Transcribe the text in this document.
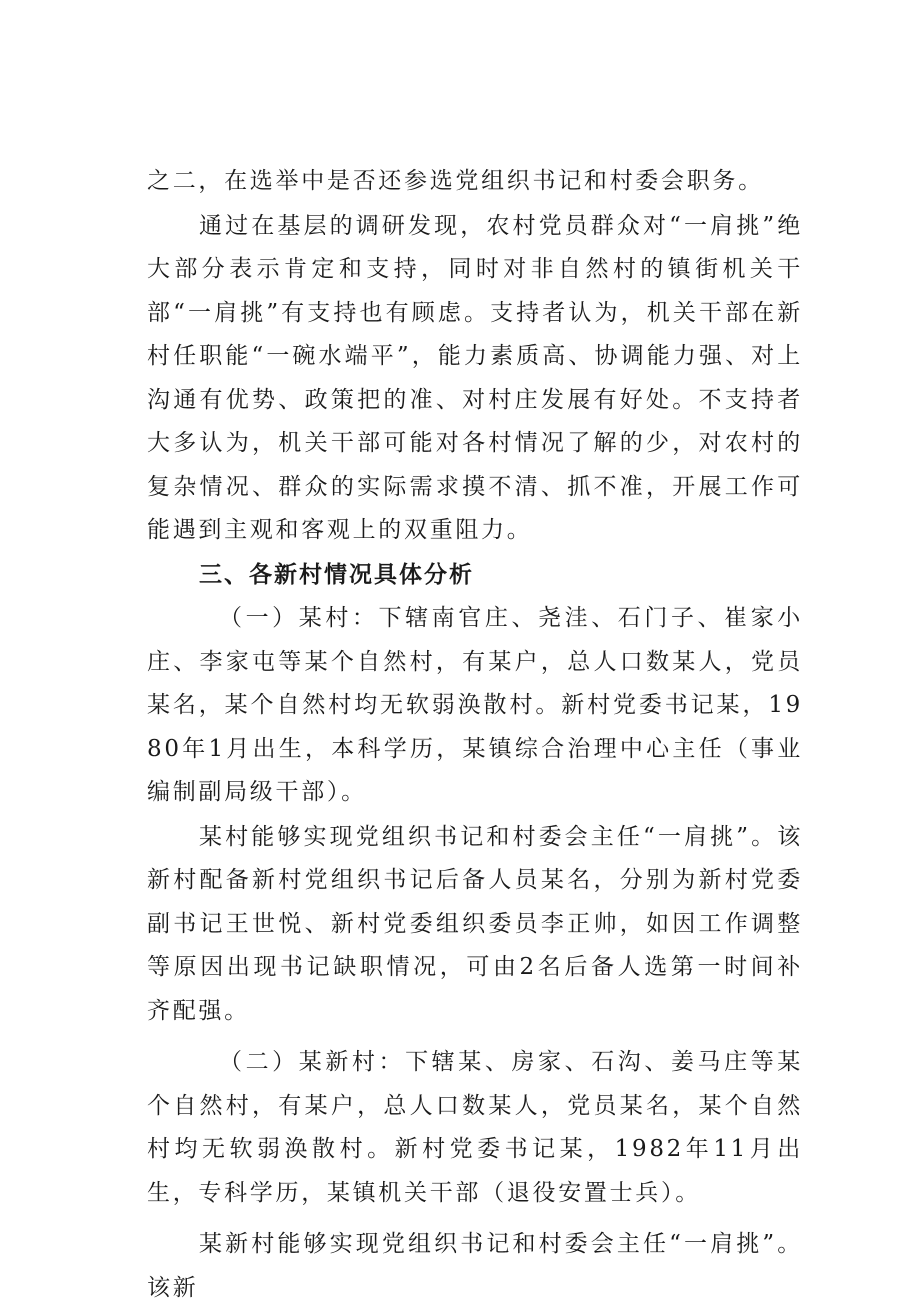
之二，在选举中是否还参选党组织书记和村委会职务。

通过在基层的调研发现，农村党员群众对“一肩挑”绝大部分表示肯定和支持，同时对非自然村的镇街机关干部“一肩挑”有支持也有顾虑。支持者认为，机关干部在新村任职能“一碗水端平”，能力素质高、协调能力强、对上沟通有优势、政策把的准、对村庄发展有好处。不支持者大多认为，机关干部可能对各村情况了解的少，对农村的复杂情况、群众的实际需求摸不清、抓不准，开展工作可能遇到主观和客观上的双重阻力。

三、各新村情况具体分析

（一）某村：下辖南官庄、尧洼、石门子、崔家小庄、李家屯等某个自然村，有某户，总人口数某人，党员某名，某个自然村均无软弱涣散村。新村党委书记某，1980年1月出生，本科学历，某镇综合治理中心主任（事业编制副局级干部）。

某村能够实现党组织书记和村委会主任“一肩挑”。该新村配备新村党组织书记后备人员某名，分别为新村党委副书记王世悦、新村党委组织委员李正帅，如因工作调整等原因出现书记缺职情况，可由2名后备人选第一时间补齐配强。

（二）某新村：下辖某、房家、石沟、姜马庄等某个自然村，有某户，总人口数某人，党员某名，某个自然村均无软弱涣散村。新村党委书记某，1982年11月出生，专科学历，某镇机关干部（退役安置士兵）。

某新村能够实现党组织书记和村委会主任“一肩挑”。该新
